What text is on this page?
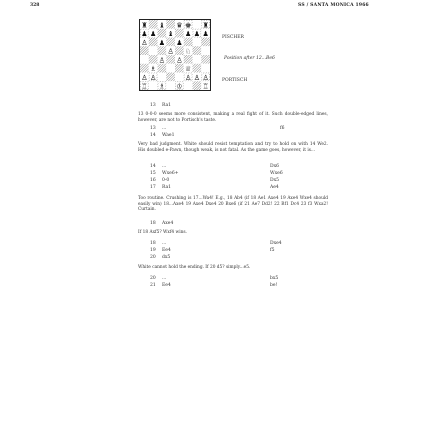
328	SS / SANTA MONICA 1966
♜ ♝ ♛ ♚ ♜
♟ ♟ ♝ ♟ ♟ ♟
♙ ♟ ♟
♙ ♘
♙ ♙
♗	♕
♙ ♙	♙ ♙ ♙
♖ ♗ ♔ ♖
PISCHER
Position after 12...Be6
PORTISCH
13 Ra1
13 0-0-0 seems more consistent, making a real fight of it. Such double-edged lines, however, are not to Portisch's taste.
13 ...	f6
14 Wae1
Very bad judgment. White should resist temptation and try to hold on with 14 We2. His doubled e-Pawn, though weak, is not fatal. As the game goes, however, it is...
14 ...	Dx6
15 Wxe6+	Wxe6
16 0-0	Dx5
17 Ra1	Ae4
Too routine. Crushing is 17...Wa4! E.g., 18 Ab4 (if 18 Ae1 Axe4 19 Axe4 Wxe4 should easily win) 18...Axe4 19 Axe4 Dxe4 20 Bxe6 (if 21 Ae7 Dd2! 22 Bf1 Dc4 23 f3 Wxa2! Curtain.
18 Axe4
If 18 Axf5? Wxf4 wins.
18 ...	Dxe4
19 Ee4	f5
20 dx5
White cannot hold the ending. If 20 d5? simply...e5.
20 ...	bx5
21 Ee4	be!
